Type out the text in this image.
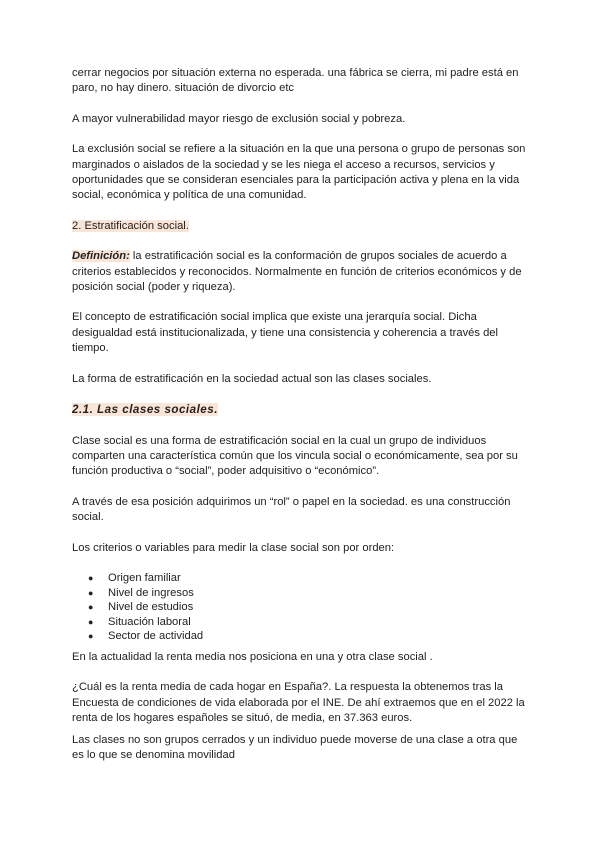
cerrar negocios por situación externa no esperada. una fábrica se cierra, mi padre está en
paro, no hay dinero. situación de divorcio etc

A mayor vulnerabilidad mayor riesgo de exclusión social y pobreza.

La exclusión social se refiere a la situación en la que una persona o grupo de personas son
marginados o aislados de la sociedad y se les niega el acceso a recursos, servicios y
oportunidades que se consideran esenciales para la participación activa y plena en la vida
social, económica y política de una comunidad.

2. Estratificación social.

Definición: la estratificación social es la conformación de grupos sociales de acuerdo a
criterios establecidos y reconocidos. Normalmente en función de criterios económicos y de
posición social (poder y riqueza).

El concepto de estratificación social implica que existe una jerarquía social. Dicha
desigualdad está institucionalizada, y tiene una consistencia y coherencia a través del
tiempo.

La forma de estratificación en la sociedad actual son las clases sociales.

2.1. Las clases sociales.

Clase social es una forma de estratificación social en la cual un grupo de individuos
comparten una característica común que los vincula social o económicamente, sea por su
función productiva o “social”, poder adquisitivo o “económico”.

A través de esa posición adquirimos un “rol” o papel en la sociedad. es una construcción
social.

Los criterios o variables para medir la clase social son por orden:

● Origen familiar
● Nivel de ingresos
● Nivel de estudios
● Situación laboral
● Sector de actividad

En la actualidad la renta media nos posiciona en una y otra clase social .

¿Cuál es la renta media de cada hogar en España?. La respuesta la obtenemos tras la
Encuesta de condiciones de vida elaborada por el INE. De ahí extraemos que en el 2022 la
renta de los hogares españoles se situó, de media, en 37.363 euros.

Las clases no son grupos cerrados y un individuo puede moverse de una clase a otra que
es lo que se denomina movilidad
